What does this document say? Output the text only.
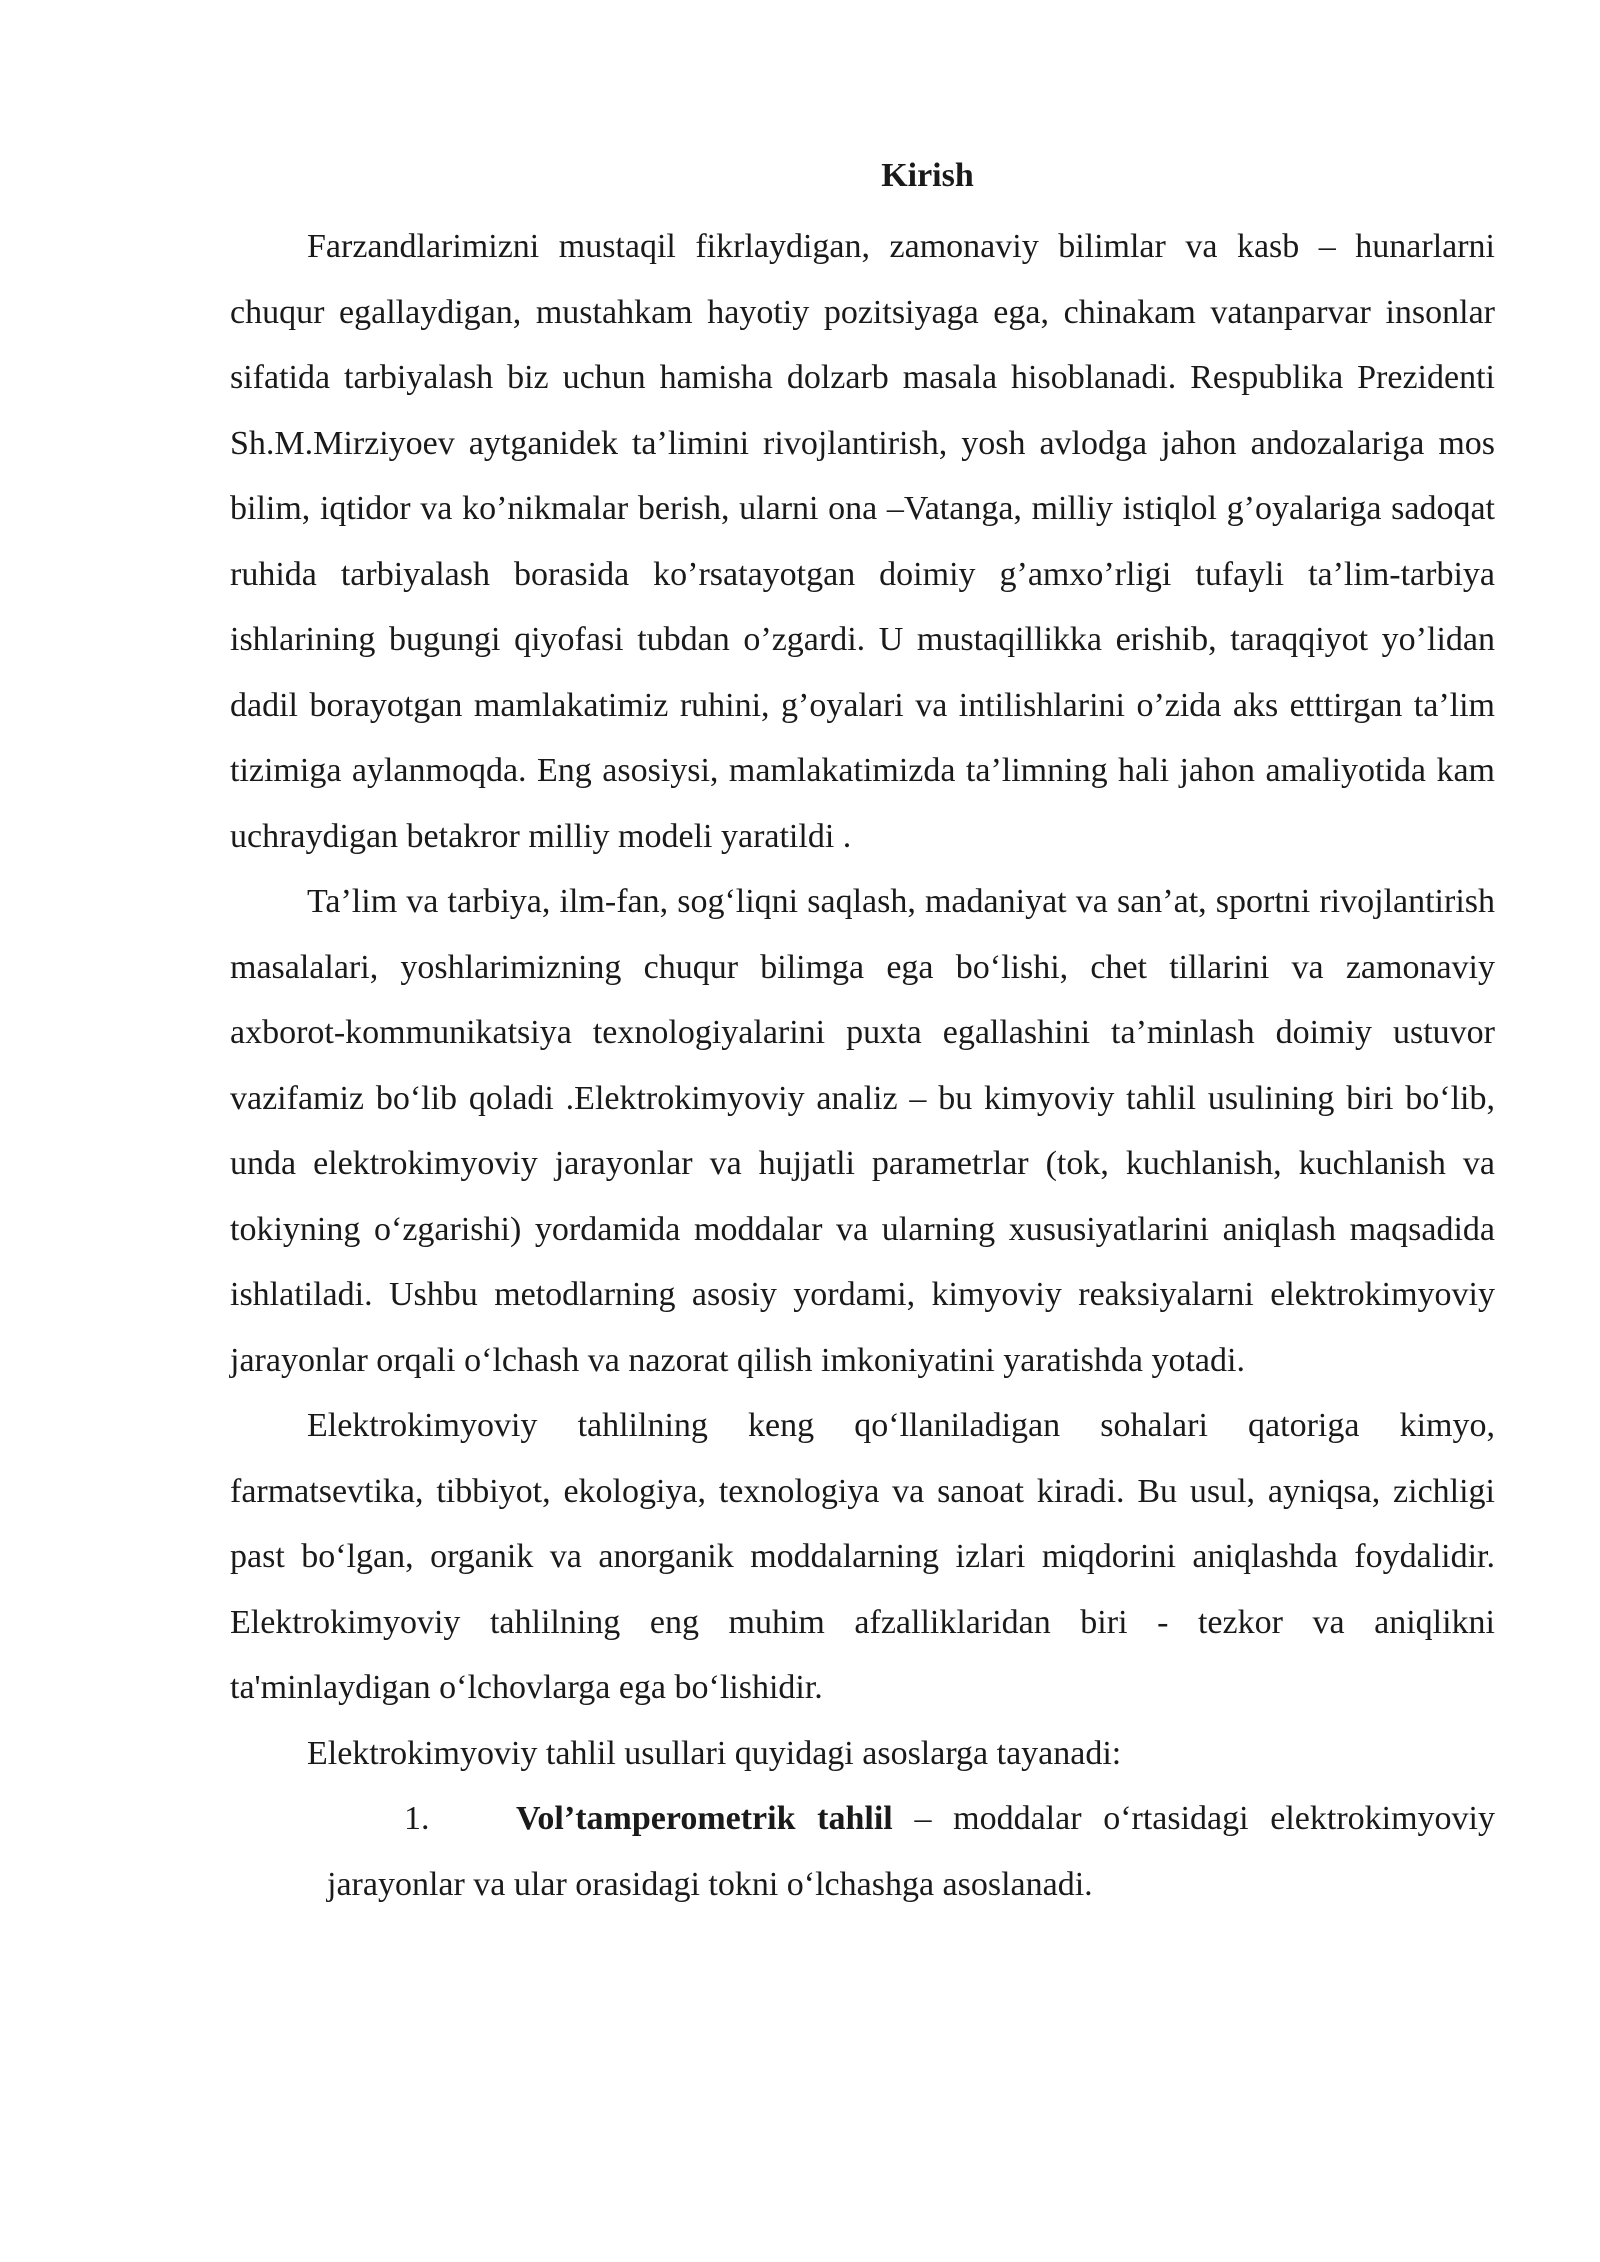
Kirish

Farzandlarimizni mustaqil fikrlaydigan, zamonaviy bilimlar va kasb – hunarlarni chuqur egallaydigan, mustahkam hayotiy pozitsiyaga ega, chinakam vatanparvar insonlar sifatida tarbiyalash biz uchun hamisha dolzarb masala hisoblanadi. Respublika Prezidenti Sh.M.Mirziyoev aytganidek ta’limini rivojlantirish, yosh avlodga jahon andozalariga mos bilim, iqtidor va ko’nikmalar berish, ularni ona –Vatanga, milliy istiqlol g’oyalariga sadoqat ruhida tarbiyalash borasida ko’rsatayotgan doimiy g’amxo’rligi tufayli ta’lim-tarbiya ishlarining bugungi qiyofasi tubdan o’zgardi. U mustaqillikka erishib, taraqqiyot yo’lidan dadil borayotgan mamlakatimiz ruhini, g’oyalari va intilishlarini o’zida aks etttirgan ta’lim tizimiga aylanmoqda. Eng asosiysi, mamlakatimizda ta’limning hali jahon amaliyotida kam uchraydigan betakror milliy modeli yaratildi .

Ta’lim va tarbiya, ilm-fan, sog‘liqni saqlash, madaniyat va san’at, sportni rivojlantirish masalalari, yoshlarimizning chuqur bilimga ega bo‘lishi, chet tillarini va zamonaviy axborot-kommunikatsiya texnologiyalarini puxta egallashini ta’minlash doimiy ustuvor vazifamiz bo‘lib qoladi .Elektrokimyoviy analiz – bu kimyoviy tahlil usulining biri bo‘lib, unda elektrokimyoviy jarayonlar va hujjatli parametrlar (tok, kuchlanish, kuchlanish va tokiyning o‘zgarishi) yordamida moddalar va ularning xususiyatlarini aniqlash maqsadida ishlatiladi. Ushbu metodlarning asosiy yordami, kimyoviy reaksiyalarni elektrokimyoviy jarayonlar orqali o‘lchash va nazorat qilish imkoniyatini yaratishda yotadi.

Elektrokimyoviy tahlilning keng qo‘llaniladigan sohalari qatoriga kimyo, farmatsevtika, tibbiyot, ekologiya, texnologiya va sanoat kiradi. Bu usul, ayniqsa, zichligi past bo‘lgan, organik va anorganik moddalarning izlari miqdorini aniqlashda foydalidir. Elektrokimyoviy tahlilning eng muhim afzalliklaridan biri - tezkor va aniqlikni ta'minlaydigan o‘lchovlarga ega bo‘lishidir.

Elektrokimyoviy tahlil usullari quyidagi asoslarga tayanadi:

1.	Vol’tamperometrik tahlil – moddalar o‘rtasidagi elektrokimyoviy jarayonlar va ular orasidagi tokni o‘lchashga asoslanadi.
